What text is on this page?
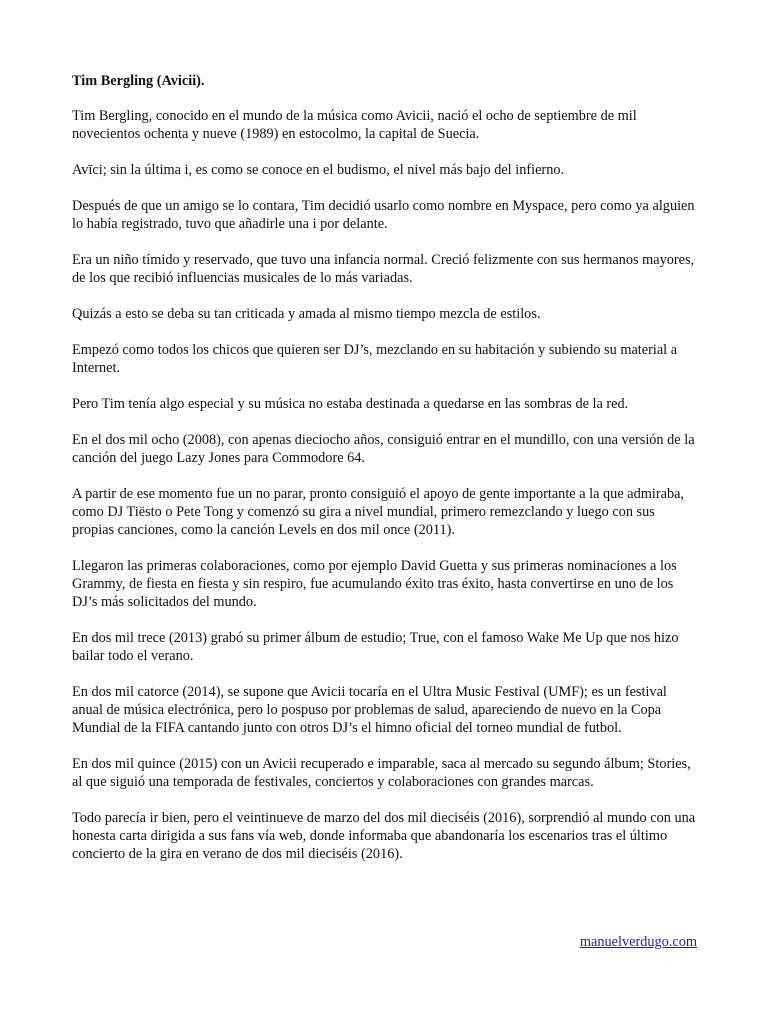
Tim Bergling (Avicii).

Tim Bergling, conocido en el mundo de la música como Avicii, nació el ocho de septiembre de mil novecientos ochenta y nueve (1989) en estocolmo, la capital de Suecia.

Avīci; sin la última i, es como se conoce en el budismo, el nivel más bajo del infierno.

Después de que un amigo se lo contara, Tim decidió usarlo como nombre en Myspace, pero como ya alguien lo había registrado, tuvo que añadirle una i por delante.

Era un niño tímido y reservado, que tuvo una infancia normal. Creció felizmente con sus hermanos mayores, de los que recibió influencias musicales de lo más variadas.

Quizás a esto se deba su tan criticada y amada al mismo tiempo mezcla de estilos.

Empezó como todos los chicos que quieren ser DJ’s, mezclando en su habitación y subiendo su material a Internet.

Pero Tim tenía algo especial y su música no estaba destinada a quedarse en las sombras de la red.

En el dos mil ocho (2008), con apenas dieciocho años, consiguió entrar en el mundillo, con una versión de la canción del juego Lazy Jones para Commodore 64.

A partir de ese momento fue un no parar, pronto consiguió el apoyo de gente importante a la que admiraba, como DJ Tiësto o Pete Tong y comenzó su gira a nivel mundial, primero remezclando y luego con sus propias canciones, como la canción Levels en dos mil once (2011).

Llegaron las primeras colaboraciones, como por ejemplo David Guetta y sus primeras nominaciones a los Grammy, de fiesta en fiesta y sin respiro, fue acumulando éxito tras éxito, hasta convertirse en uno de los DJ’s más solicitados del mundo.

En dos mil trece (2013) grabó su primer álbum de estudio; True, con el famoso Wake Me Up que nos hizo bailar todo el verano.

En dos mil catorce (2014), se supone que Avicii tocaría en el Ultra Music Festival (UMF); es un festival anual de música electrónica, pero lo pospuso por problemas de salud, apareciendo de nuevo en la Copa Mundial de la FIFA cantando junto con otros DJ’s el himno oficial del torneo mundial de futbol.

En dos mil quince (2015) con un Avicii recuperado e imparable, saca al mercado su segundo álbum; Stories, al que siguió una temporada de festivales, conciertos y colaboraciones con grandes marcas.

Todo parecía ir bien, pero el veintinueve de marzo del dos mil dieciséis (2016), sorprendió al mundo con una honesta carta dirigida a sus fans vía web, donde informaba que abandonaría los escenarios tras el último concierto de la gira en verano de dos mil dieciséis (2016).

manuelverdugo.com
